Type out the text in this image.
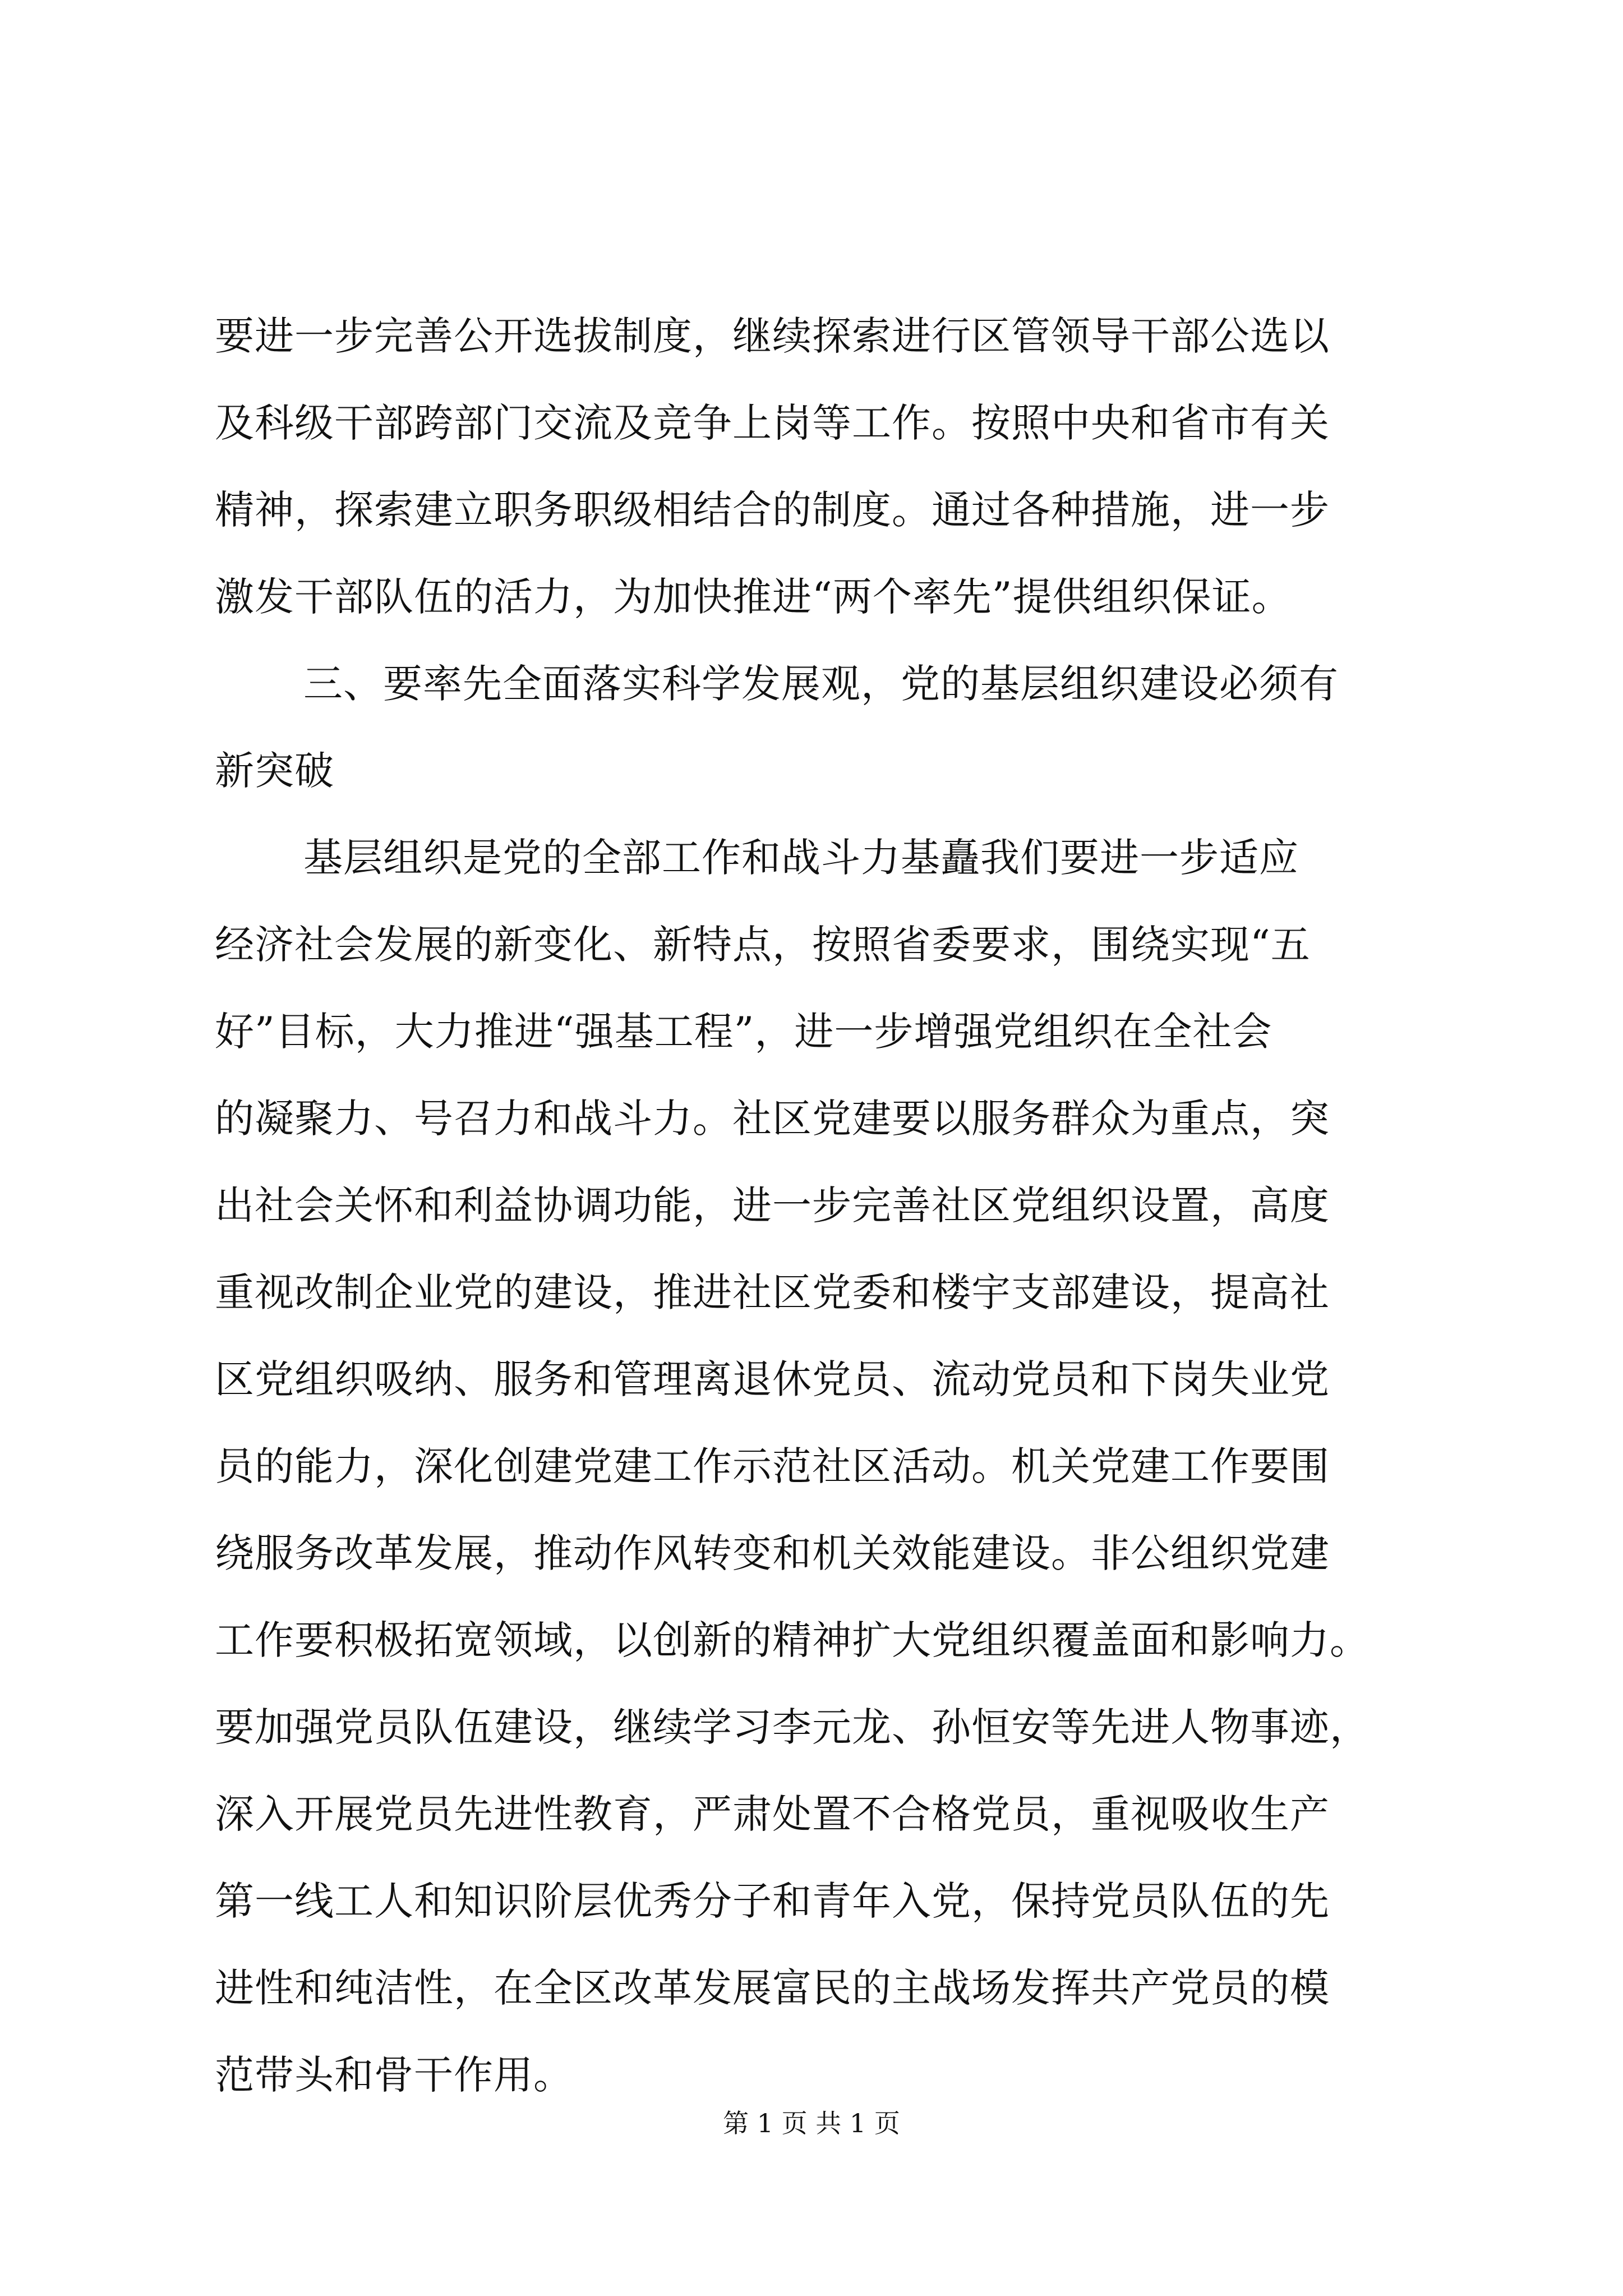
要进一步完善公开选拔制度，继续探索进行区管领导干部公选以
及科级干部跨部门交流及竞争上岗等工作。按照中央和省市有关
精神，探索建立职务职级相结合的制度。通过各种措施，进一步
激发干部队伍的活力，为加快推进“两个率先”提供组织保证。
三、要率先全面落实科学发展观，党的基层组织建设必须有
新突破
基层组织是党的全部工作和战斗力基矗我们要进一步适应
经济社会发展的新变化、新特点，按照省委要求，围绕实现“五
好”目标，大力推进“强基工程”，进一步增强党组织在全社会
的凝聚力、号召力和战斗力。社区党建要以服务群众为重点，突
出社会关怀和利益协调功能，进一步完善社区党组织设置，高度
重视改制企业党的建设，推进社区党委和楼宇支部建设，提高社
区党组织吸纳、服务和管理离退休党员、流动党员和下岗失业党
员的能力，深化创建党建工作示范社区活动。机关党建工作要围
绕服务改革发展，推动作风转变和机关效能建设。非公组织党建
工作要积极拓宽领域，以创新的精神扩大党组织覆盖面和影响力。
要加强党员队伍建设，继续学习李元龙、孙恒安等先进人物事迹，
深入开展党员先进性教育，严肃处置不合格党员，重视吸收生产
第一线工人和知识阶层优秀分子和青年入党，保持党员队伍的先
进性和纯洁性，在全区改革发展富民的主战场发挥共产党员的模
范带头和骨干作用。
第 1 页 共 1 页
